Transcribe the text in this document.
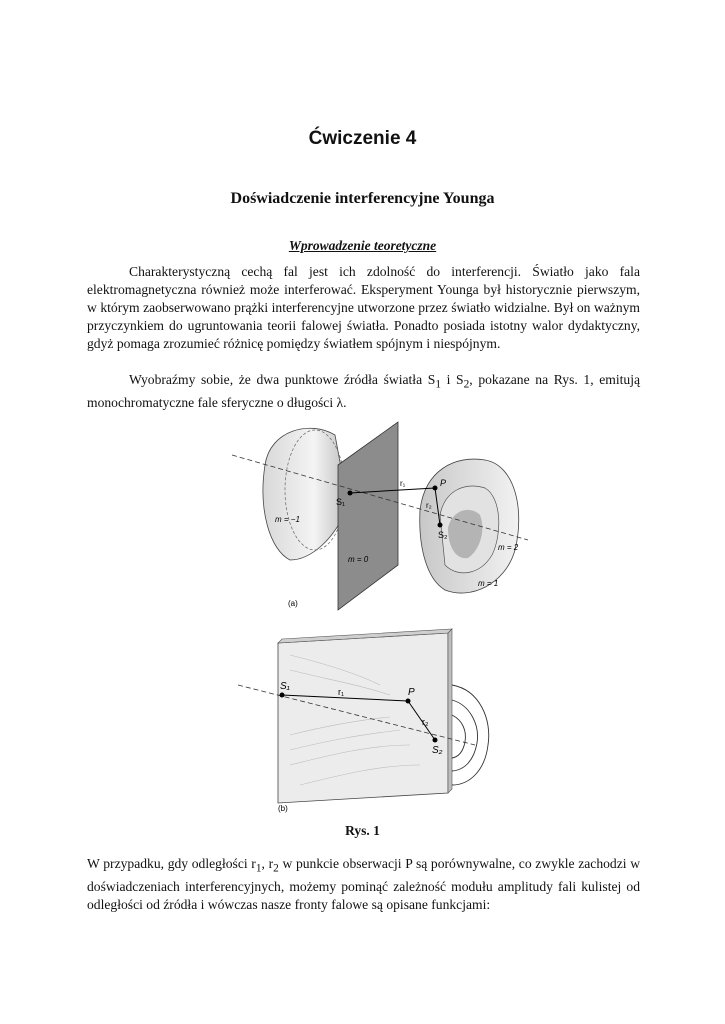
Ćwiczenie 4
Doświadczenie interferencyjne Younga
Wprowadzenie teoretyczne
Charakterystyczną cechą fal jest ich zdolność do interferencji. Światło jako fala elektromagnetyczna również może interferować. Eksperyment Younga był historycznie pierwszym, w którym zaobserwowano prążki interferencyjne utworzone przez światło widzialne. Był on ważnym przyczynkiem do ugruntowania teorii falowej światła. Ponadto posiada istotny walor dydaktyczny, gdyż pomaga zrozumieć różnicę pomiędzy światłem spójnym i niespójnym.
Wyobraźmy sobie, że dwa punktowe źródła światła $S_1$ i $S_2$, pokazane na Rys. 1, emitują monochromatyczne fale sferyczne o długości λ.
S₁
S₂
P
r₁
r₂
m = −1
m = 0
m = 2
m = 1
(a)
S₁
S₂
P
r₁
r₂
(b)
Rys. 1
W przypadku, gdy odległości $r_1$, $r_2$ w punkcie obserwacji P są porównywalne, co zwykle zachodzi w doświadczeniach interferencyjnych, możemy pominąć zależność modułu amplitudy fali kulistej od odległości od źródła i wówczas nasze fronty falowe są opisane funkcjami:
